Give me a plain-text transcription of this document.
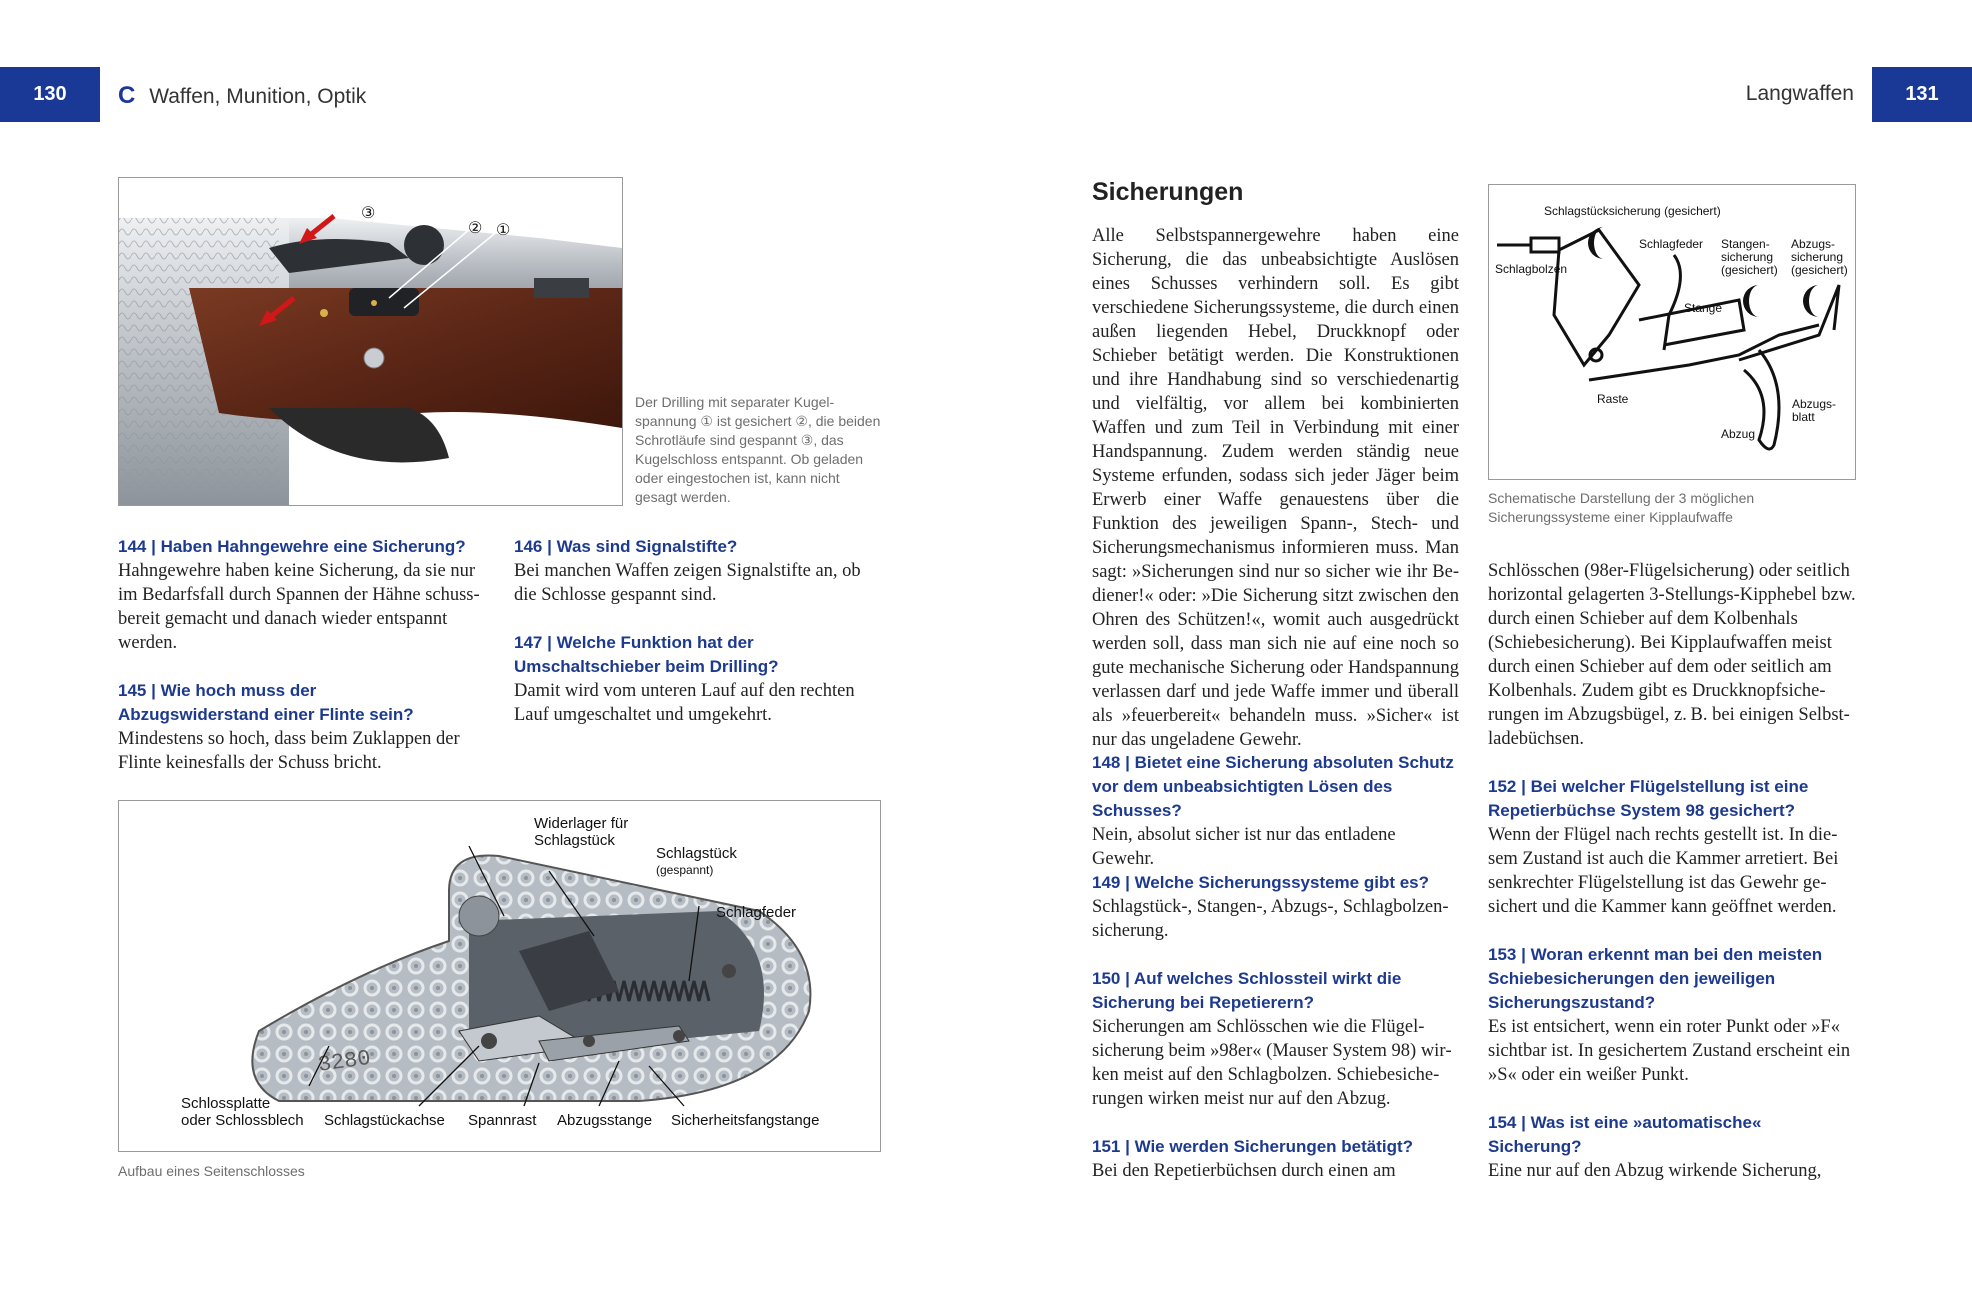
130	C Waffen, Munition, Optik	Langwaffen	131
③
② ①
Der Drilling mit separater Kugelspannung ① ist gesichert ②, die beiden Schrotläufe sind gespannt ③, das Kugelschloss entspannt. Ob geladen oder eingestochen ist, kann nicht gesagt werden.
144 | Haben Hahngewehre eine Sicherung?
Hahngewehre haben keine Sicherung, da sie nur im Bedarfsfall durch Spannen der Hähne schussbereit gemacht und danach wieder entspannt werden.
145 | Wie hoch muss der Abzugswiderstand einer Flinte sein?
Mindestens so hoch, dass beim Zuklappen der Flinte keinesfalls der Schuss bricht.
146 | Was sind Signalstifte?
Bei manchen Waffen zeigen Signalstifte an, ob die Schlosse gespannt sind.
147 | Welche Funktion hat der Umschaltschieber beim Drilling?
Damit wird vom unteren Lauf auf den rechten Lauf umgeschaltet und umgekehrt.
3280
Widerlager für
Schlagstück
Schlagstück
(gespannt)
Schlagfeder
Schlossplatte
oder Schlossblech Schlagstückachse Spannrast Abzugsstange Sicherheitsfangstange
Aufbau eines Seitenschlosses
Sicherungen
Alle Selbstspannergewehre haben eine Sicherung, die das unbeabsichtigte Auslösen eines Schusses verhindern soll. Es gibt verschiedene Sicherungssysteme, die durch einen außen liegenden Hebel, Druckknopf oder Schieber betätigt werden. Die Konstruktionen und ihre Handhabung sind so verschiedenartig und vielfältig, vor allem bei kombinierten Waffen und zum Teil in Verbindung mit einer Handspannung. Zudem werden ständig neue Systeme erfunden, sodass sich jeder Jäger beim Erwerb einer Waffe genauestens über die Funktion des jeweiligen Spann-, Stech- und Sicherungsmechanismus informieren muss. Man sagt: »Sicherungen sind nur so sicher wie ihr Bediener!« oder: »Die Sicherung sitzt zwischen den Ohren des Schützen!«, womit auch ausgedrückt werden soll, dass man sich nie auf eine noch so gute mechanische Sicherung oder Handspannung verlassen darf und jede Waffe immer und überall als »feuerbereit« behandeln muss. »Sicher« ist nur das ungeladene Gewehr.
148 | Bietet eine Sicherung absoluten Schutz vor dem unbeabsichtigten Lösen des Schusses?
Nein, absolut sicher ist nur das entladene Gewehr.
149 | Welche Sicherungssysteme gibt es?
Schlagstück-, Stangen-, Abzugs-, Schlagbolzensicherung.
150 | Auf welches Schlossteil wirkt die Sicherung bei Repetierern?
Sicherungen am Schlösschen wie die Flügelsicherung beim »98er« (Mauser System 98) wirken meist auf den Schlagbolzen. Schiebesicherungen wirken meist nur auf den Abzug.
151 | Wie werden Sicherungen betätigt?
Bei den Repetierbüchsen durch einen am
Schlagstücksicherung (gesichert)
Schlagbolzen
Schlagfeder Stangen-
sicherung
(gesichert)
Abzugs-
sicherung
(gesichert)
Stange
Raste	Abzugs-
blatt
Abzug
Schematische Darstellung der 3 möglichen Sicherungssysteme einer Kipplaufwaffe
Schlösschen (98er-Flügelsicherung) oder seitlich horizontal gelagerten 3-Stellungs-Kipphebel bzw. durch einen Schieber auf dem Kolbenhals (Schiebesicherung). Bei Kipplaufwaffen meist durch einen Schieber auf dem oder seitlich am Kolbenhals. Zudem gibt es Druckknopfsicherungen im Abzugsbügel, z. B. bei einigen Selbstladebüchsen.
152 | Bei welcher Flügelstellung ist eine Repetierbüchse System 98 gesichert?
Wenn der Flügel nach rechts gestellt ist. In diesem Zustand ist auch die Kammer arretiert. Bei senkrechter Flügelstellung ist das Gewehr gesichert und die Kammer kann geöffnet werden.
153 | Woran erkennt man bei den meisten Schiebesicherungen den jeweiligen Sicherungszustand?
Es ist entsichert, wenn ein roter Punkt oder »F« sichtbar ist. In gesichertem Zustand erscheint ein »S« oder ein weißer Punkt.
154 | Was ist eine »automatische« Sicherung?
Eine nur auf den Abzug wirkende Sicherung,
